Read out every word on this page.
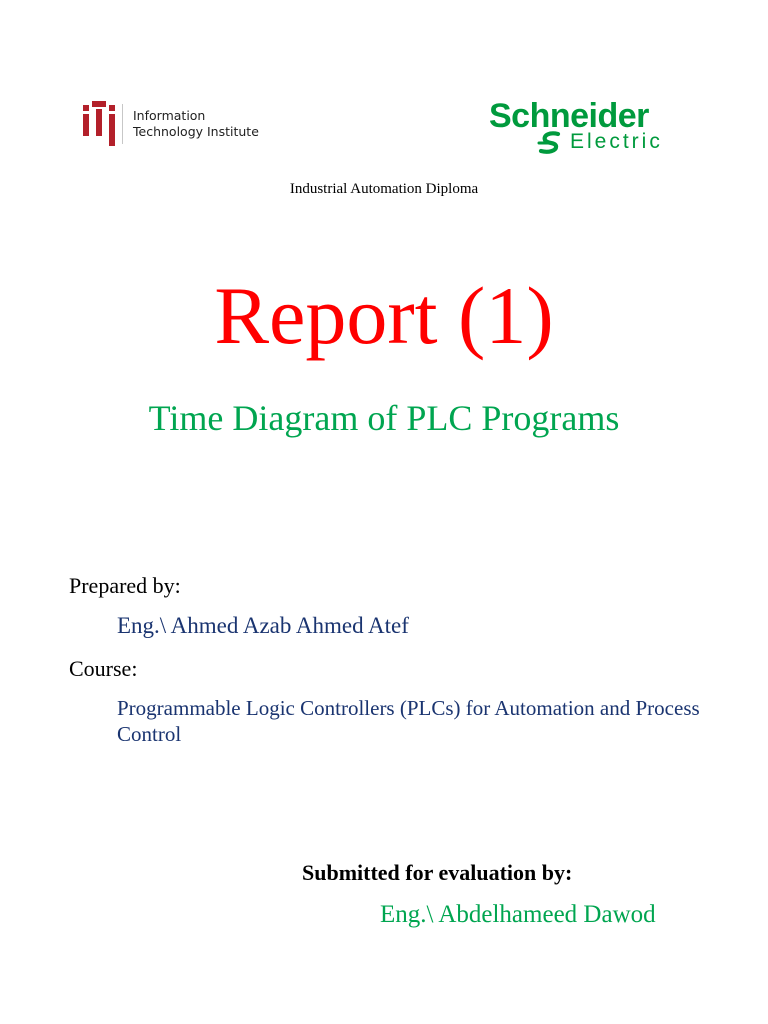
Information
Technology Institute	Schneider
Electric
Industrial Automation Diploma
Report (1)
Time Diagram of PLC Programs
Prepared by:
Eng.\ Ahmed Azab Ahmed Atef
Course:
Programmable Logic Controllers (PLCs) for Automation and Process Control
Submitted for evaluation by:
Eng.\ Abdelhameed Dawod
